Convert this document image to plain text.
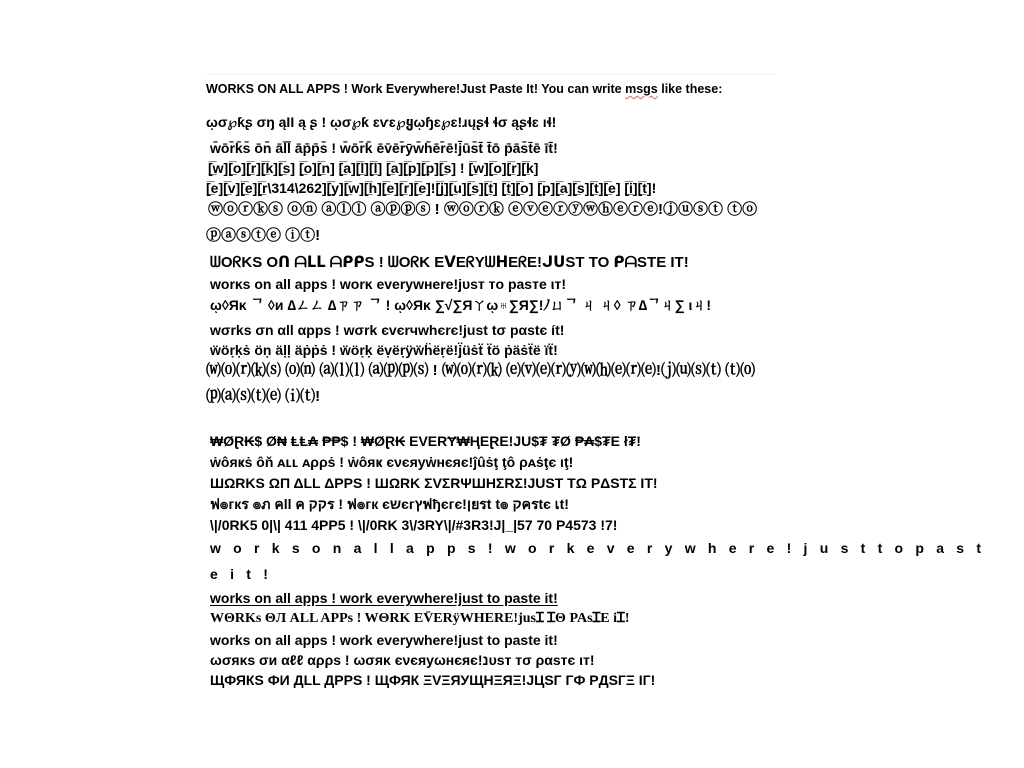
WORKS ON ALL APPS ! Work Everywhere!Just Paste It! You can write msgs like these:
ῳσ℘ƙʂ σŋ ąƖƖ ą ʂ ! ῳσ℘ƙ ɛѵɛ℘ყῳɧɛ℘ɛ!ɹųʂɬ ɬσ ąʂɬɛ ıɬ!
w̄ōr̄k̄s̄ ōn̄ āl̄l̄ āp̄p̄s̄ ! w̄ōr̄k̄ ēv̄ēr̄ȳw̄h̄ēr̄ē!j̄ūs̄t̄ t̄ō p̄ās̄t̄ē īt̄!
[̲̅w][̲̅o][̲̅r][̲̅k][̲̅s] [̲̅o][̲̅n] [̲̅a][̲̅l][̲̅l] [̲̅a][̲̅p][̲̅p][̲̅s] ! [̲̅w][̲̅o][̲̅r][̲̅k]
[̲̅e][̲̅v][̲̅e][̲̅r\314\262][̲̅y][̲̅w][̲̅h][̲̅e][̲̅r][̲̅e]![̲̅j][̲̅u][̲̅s][̲̅t] [̲̅t][̲̅o] [̲̅p][̲̅a][̲̅s][̲̅t][̲̅e] [̲̅i][̲̅t]!
ⓦⓞⓡⓚⓢ ⓞⓝ ⓐⓛⓛ ⓐⓟⓟⓢ ! ⓦⓞⓡⓚ ⓔⓥⓔⓡⓨⓦⓗⓔⓡⓔ!ⓙⓤⓢⓣ ⓣⓞ
ⓟⓐⓢⓣⓔ ⓘⓣ!
ᗯOᖇKS Oᑎ ᗩᒪᒪ ᗩᑭᑭS ! ᗯOᖇK EᐯEᖇYᗯᕼEᖇE!ᒍᑌST TO ᑭᗩSTE IT!
worĸѕ on all appѕ ! worĸ everywнere!jυѕт тo paѕтe ιт!
ῳ◊Яκ ᄀ ◊и ∆ㄥㄥ ∆ㄗㄗ ᄀ ! ῳ◊Яκ ∑√∑Яㄚῳ♅∑Я∑!ﾉㄩᄀ ㄐ ㄐ◊ ㄗ∆ᄀㄐ∑ ιㄐ!
wσrks σn αll αpps ! wσrk єvєrчwhєrє!just tσ pαstє ít!
ẅöṛḳṡ öṇ äḷḷ äṗṗṡ ! ẅöṛḳ ëṿëṛÿẅḧëṛë!j̈üṡẗ ẗö ṗäṡẗë ïẗ!
⒲⒪⒭⒦⒮ ⒪⒩ ⒜⒧⒧ ⒜⒫⒫⒮ ! ⒲⒪⒭⒦ ⒠⒱⒠⒭⒴⒲⒣⒠⒭⒠!⒥⒰⒮⒯ ⒯⒪
⒫⒜⒮⒯⒠ ⒤⒯!
₩ØⱤ₭$ Ø₦ ⱠⱠ₳ ₱₱$ ! ₩ØⱤ₭ EVERɎ₩ⱧEⱤE!JU$₮ ₮Ø ₱₳$₮E ł₮!
ẇôяҝṡ ôň ᴀʟʟ ᴀρρṡ ! ẇôяҝ єνєяуẇнєяє!ĵûṡţ ţô ρᴀṡţє ιţ!
ШΩRKS ΩΠ ΔLL ΔPPS ! ШΩRK ΣVΣRΨШHΣRΣ!JUST TΩ PΔSTΣ IT!
ฟ๏гкร ๏ภ คll ค קקร ! ฟ๏гк єשєгץฟђєгє!ןยรt t๏ קครtє เt!
\|/0RK5 0|\| 411 4PP5 ! \|/0RK 3\/3RY\|/#3R3!J|_|57 70 P4573 !7!
w o r k s o n a l l a p p s ! w o r k e v e r y w h e r e ! j u s t t o p a s t
e i t !
works on all apps ! work everywhere!just to paste it!
WΘRKs ΘЛ ALL APPs ! WΘRK EV̄ERÿWHERE!jusꞮ ꞮΘ PAsꞮE iꞮ!
works on all apps ! work everywhere!just to paste it!
ωσяκѕ σи αℓℓ αρρѕ ! ωσяκ єνєяуωнєяє!נυѕт тσ ραѕтє ιт!
ЩФЯКЅ ФИ ДLL ДPPЅ ! ЩФЯК ΞVΞЯУЩНΞЯΞ!JЦЅГ ГФ PДЅГΞ IГ!
